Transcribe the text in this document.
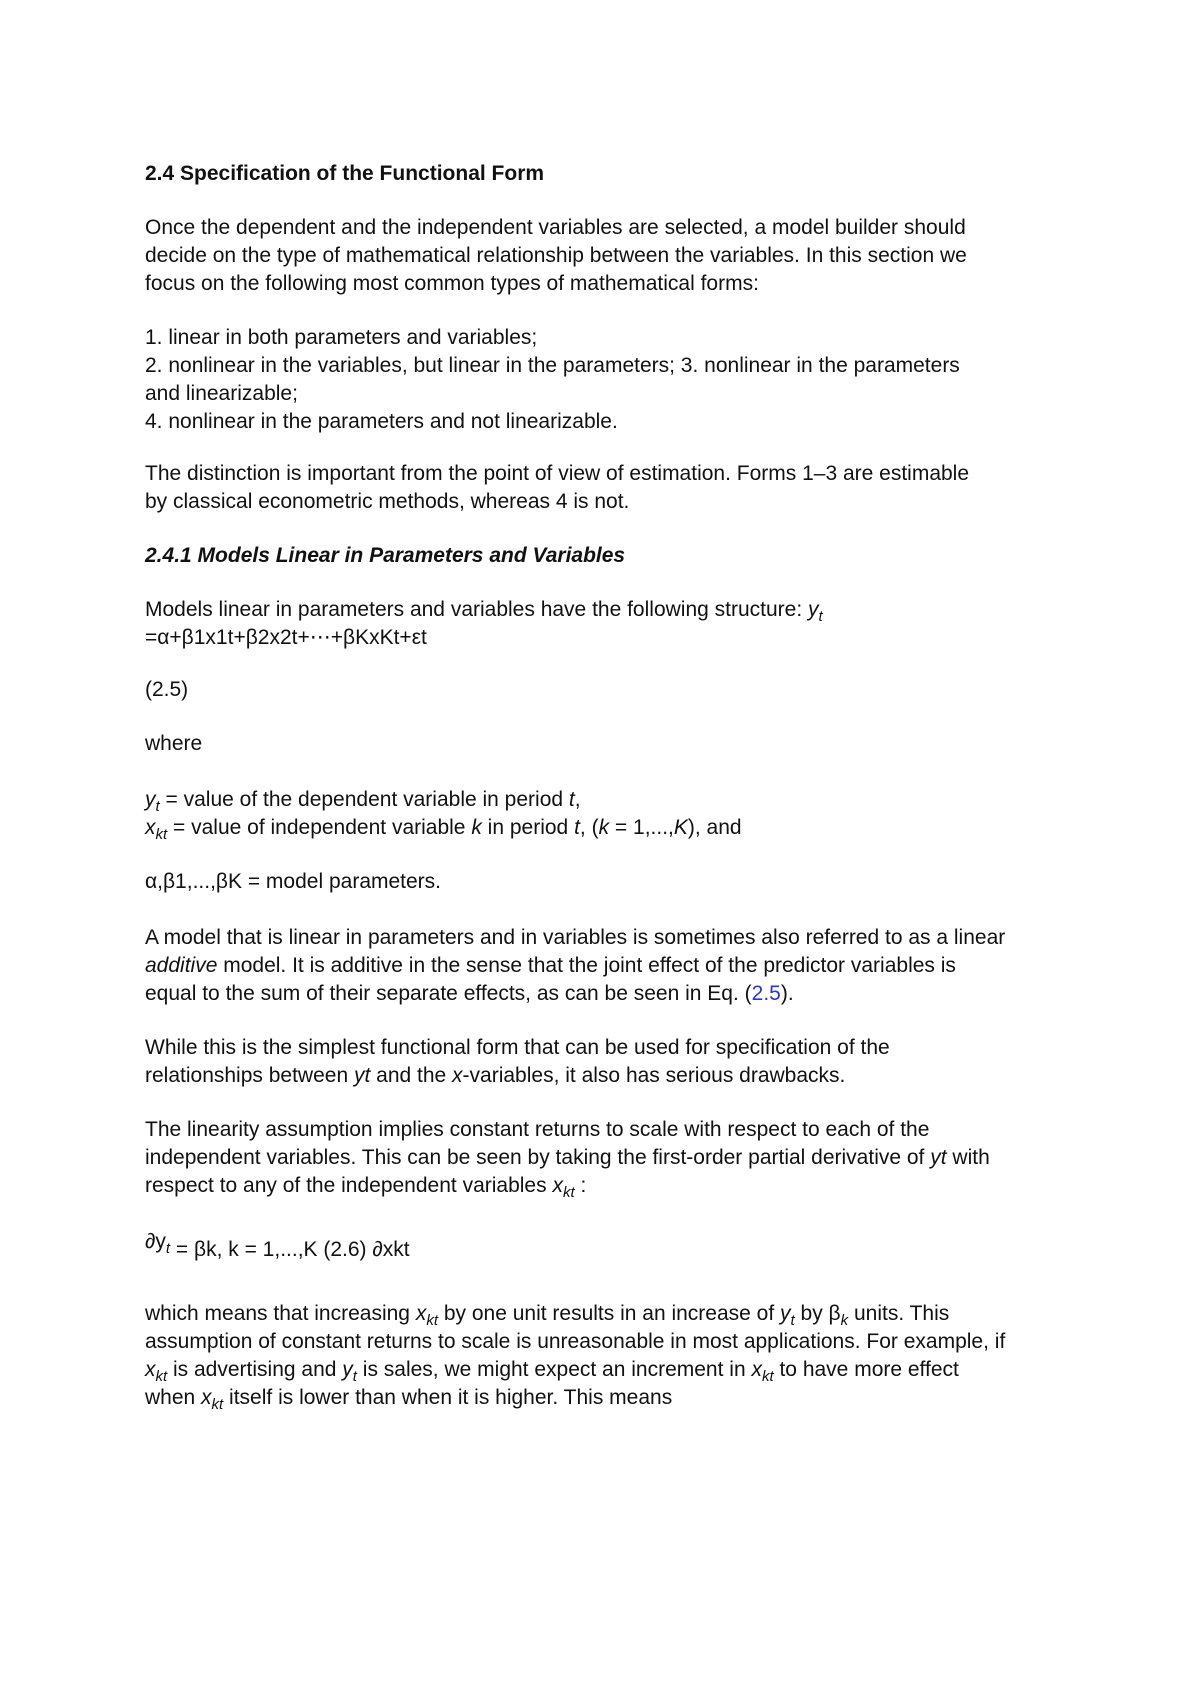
2.4 Specification of the Functional Form
Once the dependent and the independent variables are selected, a model builder should
decide on the type of mathematical relationship between the variables. In this section we
focus on the following most common types of mathematical forms:
1. linear in both parameters and variables;
2. nonlinear in the variables, but linear in the parameters; 3. nonlinear in the parameters
and linearizable;
4. nonlinear in the parameters and not linearizable.
The distinction is important from the point of view of estimation. Forms 1–3 are estimable
by classical econometric methods, whereas 4 is not.
2.4.1 Models Linear in Parameters and Variables
Models linear in parameters and variables have the following structure: $y_t$
=α+β1x1t+β2x2t+⋯+βKxKt+εt
(2.5)
where
$y_t$ = value of the dependent variable in period t,
$x_{kt}$ = value of independent variable k in period t, (k = 1,...,K), and
α,β1,...,βK = model parameters.
A model that is linear in parameters and in variables is sometimes also referred to as a linear
additive model. It is additive in the sense that the joint effect of the predictor variables is
equal to the sum of their separate effects, as can be seen in Eq. (2.5).
While this is the simplest functional form that can be used for specification of the
relationships between yt and the x-variables, it also has serious drawbacks.
The linearity assumption implies constant returns to scale with respect to each of the
independent variables. This can be seen by taking the first-order partial derivative of yt with
respect to any of the independent variables $x_{kt}$ :
$\partial y_t = \beta k$, k = 1,...,K (2.6) ∂xkt
which means that increasing $x_{kt}$ by one unit results in an increase of $y_t$ by $\beta_k$ units. This
assumption of constant returns to scale is unreasonable in most applications. For example, if
$x_{kt}$ is advertising and $y_t$ is sales, we might expect an increment in $x_{kt}$ to have more effect
when $x_{kt}$ itself is lower than when it is higher. This means
